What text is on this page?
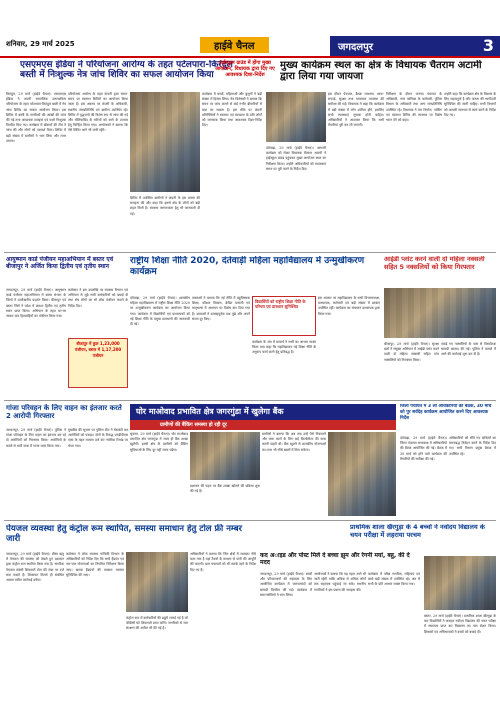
शनिवार, 29 मार्च 2025	हाईवे चैनल	जगदलपुर	3
एसएमएस इंडिया ने परियोजना आरोग्य के तहत पटेलपारा-किरंदुल बस्ती में निःशुल्क नेत्र जांच शिविर का सफल आयोजन किया
हाईस्कूल ग्राउंड में होंगा मुख्य आयोजन, विधायक द्वारा दिए गए आवश्यक दिशा-निर्देश
मुख्य कार्यक्रम स्थल का क्षेत्र के विधायक चैतराम अटामी द्वारा लिया गया जायजा
किरंदुल, 29 मार्च (हाईवे चैनल)। एसएमएस इंडिया ने अपनी सामाजिक उत्तरदायित्व परियोजना के तहत पटेलपारा-किरंदुल बस्ती में नेत्र जांच शिविर का सफल आयोजन किया। इस शिविर में बस्ती के नागरिकों की आंखों की जांच की गई तथा आवश्यक दवाइयां एवं चश्मे निःशुल्क वितरित किए गए। कार्यक्रम में डॉक्टरों की टीम ने जांच की और लोगों को परामर्श दिया। शिविर में बड़ी संख्या में ग्रामीणों ने भाग लिया और लाभ उठाया।
परियोजना आरोग्य के तहत कंपनी द्वारा समय-समय पर स्वास्थ्य शिविरों का आयोजन किया जाता है। इस अवसर पर कंपनी के अधिकारी, स्थानीय जनप्रतिनिधि एवं ग्रामीण उपस्थित रहे। शिविर में वृद्धजनों की विशेष रूप से जांच की गई और मोतियाबिंद के मरीजों को आगे के उपचार हेतु चिन्हित किया गया। आयोजकों ने बताया कि ऐसे शिविर आगे भी जारी रहेंगे।
शिविर में उपस्थित ग्रामीणों ने कंपनी के इस प्रयास की सराहना की और कहा कि इससे क्षेत्र के लोगों को बड़ी राहत मिली है। स्वास्थ्य जागरूकता हेतु भी जानकारी दी गई।
कार्यक्रम में बच्चों, महिलाओं और बुजुर्गों ने बड़ी संख्या में हिस्सा लिया। नेत्र विशेषज्ञों ने बताया कि समय पर जांच कराने से कई गंभीर बीमारियों से बचा जा सकता है। इस मौके पर कंपनी प्रतिनिधियों ने स्वास्थ्य एवं स्वच्छता के प्रति लोगों को जागरूक किया तथा आवश्यक दिशा-निर्देश दिए।
दंतेवाड़ा, 29 मार्च (हाईवे चैनल)। आगामी कार्यक्रम को लेकर विधायक चैतराम अटामी ने हाईस्कूल ग्राउंड पहुंचकर मुख्य आयोजन स्थल का निरीक्षण किया। उन्होंने अधिकारियों को व्यवस्थाएं समय पर पूरी करने के निर्देश दिए।
इस दौरान पेयजल, बैठक व्यवस्था, साफ-सफाई, सुरक्षा तथा यातायात व्यवस्था की समीक्षा की गई। विधायक ने कहा कि कार्यक्रम में बड़ी संख्या में लोग शामिल होंगे, इसलिए सभी व्यवस्थाएं सुचारू होनी चाहिए। अधिकारियों ने आश्वस्त किया कि सभी तैयारियां पूरी कर ली जाएंगी।
निरीक्षण के दौरान जनपद पंचायत के अधिकारी, नगर पालिका के कर्मचारी, पुलिस विभाग के अधिकारी तथा अन्य जनप्रतिनिधि उपस्थित रहे। विधायक ने मंच निर्माण, पार्किंग एवं स्वास्थ्य शिविर की व्यवस्था पर विशेष ध्यान देने को कहा।
उन्होंने कहा कि कार्यक्रम क्षेत्र के विकास के लिए महत्वपूर्ण है और जनता की भागीदारी सुनिश्चित की जानी चाहिए। सभी विभागों को आपसी समन्वय से कार्य करने के निर्देश दिए गए।
आयुष्मान कार्ड पंजीयन महाअभियान में बस्तर एवं बीजापुर ने अर्जित किया द्वितीय एवं तृतीय स्थान
जगदलपुर, 29 मार्च (हाईवे चैनल)। आयुष्मान कार्ड पंजीयन महाअभियान में बस्तर संभाग के जिलों ने उल्लेखनीय प्रदर्शन किया। बीजापुर एवं बस्तर जिले ने प्रदेश में क्रमशः द्वितीय एवं तृतीय स्थान प्राप्त किया। अभियान के तहत घर-घर जाकर पात्र हितग्राहियों का पंजीयन किया गया।
कलेक्टर ने इस उपलब्धि पर स्वास्थ्य विभाग एवं अभियान से जुड़े सभी कर्मचारियों को बधाई दी तथा शेष लोगों का भी शीघ्र पंजीयन कराने के निर्देश दिए।
बीजापुर में कुल 1,23,000 पंजीयन, बस्तर में 1,17,200 पंजीयन
राष्ट्रीय शिक्षा नीति 2020, दंतेवाड़ी महिला महाविद्यालय में उन्मुखीकरण कार्यक्रम
दंतेवाड़ा, 29 मार्च (हाईवे चैनल)। शासकीय महिला महाविद्यालय में राष्ट्रीय शिक्षा नीति 2020 पर उन्मुखीकरण कार्यक्रम का आयोजन किया गया। कार्यक्रम में विद्यार्थियों एवं प्राध्यापकों को नई शिक्षा नीति के प्रमुख प्रावधानों की जानकारी दी गई।
वक्ताओं ने बताया कि नई नीति में बहुविषयक शिक्षा, कौशल विकास, क्रेडिट प्रणाली एवं मातृभाषा में अध्ययन पर विशेष बल दिया गया है। छात्राओं ने उत्साहपूर्वक प्रश्न पूछे और अपने संशय दूर किए।
विद्यार्थियों को राष्ट्रीय शिक्षा नीति के परिचय एवं प्रावधान सुनिश्चित
कार्यक्रम के अंत में प्राचार्य ने सभी का आभार व्यक्त किया तथा कहा कि महाविद्यालय नई शिक्षा नीति के अनुरूप कार्य करने हेतु प्रतिबद्ध है।
इस अवसर पर महाविद्यालय के सभी विभागाध्यक्ष, प्राध्यापक, कर्मचारी एवं बड़ी संख्या में छात्राएं उपस्थित रहीं। कार्यक्रम का संचालन प्राध्यापक द्वारा किया गया।
आईडी प्लांट करने वाली दो महिला नक्सली सहित 5 नक्सलियों को किया गिरफ्तार
बीजापुर, 29 मार्च (हाईवे चैनल)। सुरक्षा बलों ने संयुक्त अभियान में आईडी प्लांट करने वाली दो महिला नक्सली सहित पांच नक्सलियों को गिरफ्तार किया।
पकड़े गए नक्सलियों के पास से विस्फोटक सामग्री बरामद की गई। पुलिस ने मामले में आगे की कार्रवाई शुरू कर दी है।
गांजा परिवहन के लिए वाहन का इंतजार करते 2 आरोपी गिरफ्तार
जगदलपुर, 29 मार्च (हाईवे चैनल)। पुलिस ने गांजा परिवहन के लिए वाहन का इंतजार कर रहे दो आरोपियों को गिरफ्तार किया। आरोपियों के कब्जे से भारी मात्रा में गांजा जब्त किया गया।
मुखबिर की सूचना पर पुलिस टीम ने घेराबंदी कर आरोपियों को पकड़ा। दोनों के विरुद्ध एनडीपीएस एक्ट के तहत मामला दर्ज कर न्यायिक रिमांड पर भेजा गया।
घोर माओवाद प्रभावित क्षेत्र जगरगुंडा में खुलेगा बैंक
ग्रामीणों की बैंकिंग समस्या हो रही दूर
सुकमा, 29 मार्च (हाईवे चैनल)। घोर माओवाद प्रभावित क्षेत्र जगरगुंडा में जल्द ही बैंक शाखा खुलेगी। इससे क्षेत्र के ग्रामीणों को बैंकिंग सुविधाओं के लिए दूर नहीं जाना पड़ेगा।
प्रशासन की पहल पर बैंक शाखा खोलने की प्रक्रिया शुरू की गई है।
ग्रामीणों ने बताया कि अब तक उन्हें पैसे निकालने और जमा करने के लिए कई किलोमीटर की यात्रा करनी पड़ती थी। बैंक खुलने से शासकीय योजनाओं का लाभ भी सीधे खातों में मिल सकेगा।
जिला पंचायत में 3 लो अधिकारियों की बैठक, 30 मार्च को पुर सर्वदेह कार्यक्रम आयोजित करने दिए आवश्यक निर्देश
दंतेवाड़ा, 29 मार्च (हाईवे चैनल)। जिला पंचायत सभाकक्ष में अधिकारियों की बैठक आयोजित की गई। बैठक में 30 मार्च को होने वाले कार्यक्रम की तैयारियों की समीक्षा की गई।
अधिकारियों को सौंपे गए दायित्वों का समयबद्ध निर्वहन करने के निर्देश दिए गए। सभी विभाग प्रमुख बैठक में उपस्थित रहे।
पेयजल व्यवस्था हेतु कंट्रोल रूम स्थापित, समस्या समाधान हेतु टोल फ्री नम्बर जारी
जगदलपुर, 29 मार्च (हाईवे चैनल)। ग्रीष्म ऋतु में पेयजल की समस्या को देखते हुए प्रशासन द्वारा कंट्रोल रूम स्थापित किया गया है। नागरिक पेयजल संबंधी शिकायतें टोल फ्री नंबर पर दर्ज करा सकते हैं। शिकायत मिलते ही संबंधित अमला त्वरित कार्रवाई करेगा।
कलेक्टर ने लोक स्वास्थ्य यांत्रिकी विभाग के अधिकारियों को निर्देश दिए कि सभी हैंडपंप एवं नल-जल योजनाओं का नियमित निरीक्षण किया जाए। खराब हैंडपंपों की तत्काल मरम्मत सुनिश्चित की जाए।
कंट्रोल रूम में कर्मचारियों की ड्यूटी लगाई गई है जो चौबीसों घंटे शिकायतें प्राप्त करेंगे। नागरिकों से जल संरक्षण की अपील भी की गई है।
अधिकारियों ने बताया कि जिन क्षेत्रों में जलस्तर नीचे चला गया है वहां टैंकरों के माध्यम से पानी की आपूर्ति की जाएगी। ग्राम पंचायतों को भी सतर्क रहने के निर्देश दिए गए हैं।
कद अाइड और पोस्ट मिले दे बच्चा झुम और रेगनी मयां, बहु, की दे मदद
जगदलपुर, 29 मार्च (हाईवे चैनल)। बच्चों और परिवारजनों की सहायता के लिए आयोजित कार्यक्रम में जरूरतमंदों को सामग्री वितरित की गई। कार्यक्रम में समाजसेवियों ने भाग लिया।
आयोजकों ने बताया कि यह पहल आगे भी जारी रहेगी ताकि अधिक से अधिक लोगों तक सहायता पहुंचाई जा सके। स्थानीय नागरिकों ने इस प्रयास की सराहना की।
कार्यक्रम में वरिष्ठ नागरिक, महिलाएं एवं बच्चे बड़ी संख्या में उपस्थित रहे। अंत में सभी के प्रति आभार व्यक्त किया गया।
प्राथमिक शाला खैरगुड़ा के 4 बच्चों ने नवोदय विद्यालय के चयन परीक्षा में लहराया परचम
बस्तर, 29 मार्च (हाईवे चैनल)। प्राथमिक शाला खैरगुड़ा के चार विद्यार्थियों ने जवाहर नवोदय विद्यालय की चयन परीक्षा में सफलता प्राप्त कर विद्यालय का नाम रोशन किया। शिक्षकों एवं अभिभावकों ने बच्चों को बधाई दी।
